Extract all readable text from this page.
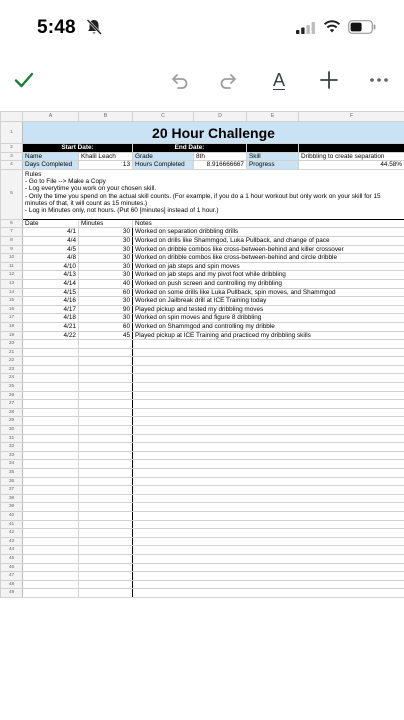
5:48
A
	A	B	C	D	E	F
1	20 Hour Challenge					
2	Start Date:		End Date:			
3	Name	Khalil Leach	Grade	8th	Skill	Dribbling to create separation
4	Days Completed	13	Hours Completed	8.916666667	Progress	44.58%
5	Rules
- Go to File --> Make a Copy
- Log everytime you work on your chosen skill.
- Only the time you spend on the actual skill counts. (For example, if you do a 1 hour workout but only work on your skill for 15 minutes of that, it will count as 15 minutes.)
- Log in Minutes only, not hours. (Put 60 [minutes] instead of 1 hour.)					

6	Date	Minutes	Notes			
7	4/1	30	Worked on separation dribbling drills			
8	4/4	30	Worked on drills like Shammgod, Luka Pullback, and change of pace			
9	4/5	30	Worked on dribble combos like cross-between-behind and killer crossover			
10	4/8	30	Worked on dribble combos like cross-between-behind and circle dribble			
11	4/10	30	Worked on jab steps and spin moves			
12	4/13	30	Worked on jab steps and my pivot foot while dribbling			
13	4/14	40	Worked on push screen and controlling my dribbling			
14	4/15	60	Worked on some drills like Luka Pullback, spin moves, and Shammgod			
15	4/16	30	Worked on Jailbreak drill at ICE Training today			
16	4/17	90	Played pickup and tested my dribbling moves			
17	4/18	30	Worked on spin moves and figure 8 dribbling			
18	4/21	60	Worked on Shammgod and controlling my dribble			
19	4/22	45	Played pickup at ICE Training and practiced my dribbling skills			
20						
21						
22						
23						
24						
25						
26						
27						
28						
29						
30						
31						
32						
33						
34						
35						
36						
37						
38						
39						
40						
41						
42						
43						
44						
45						
46						
47						
48						
49						
